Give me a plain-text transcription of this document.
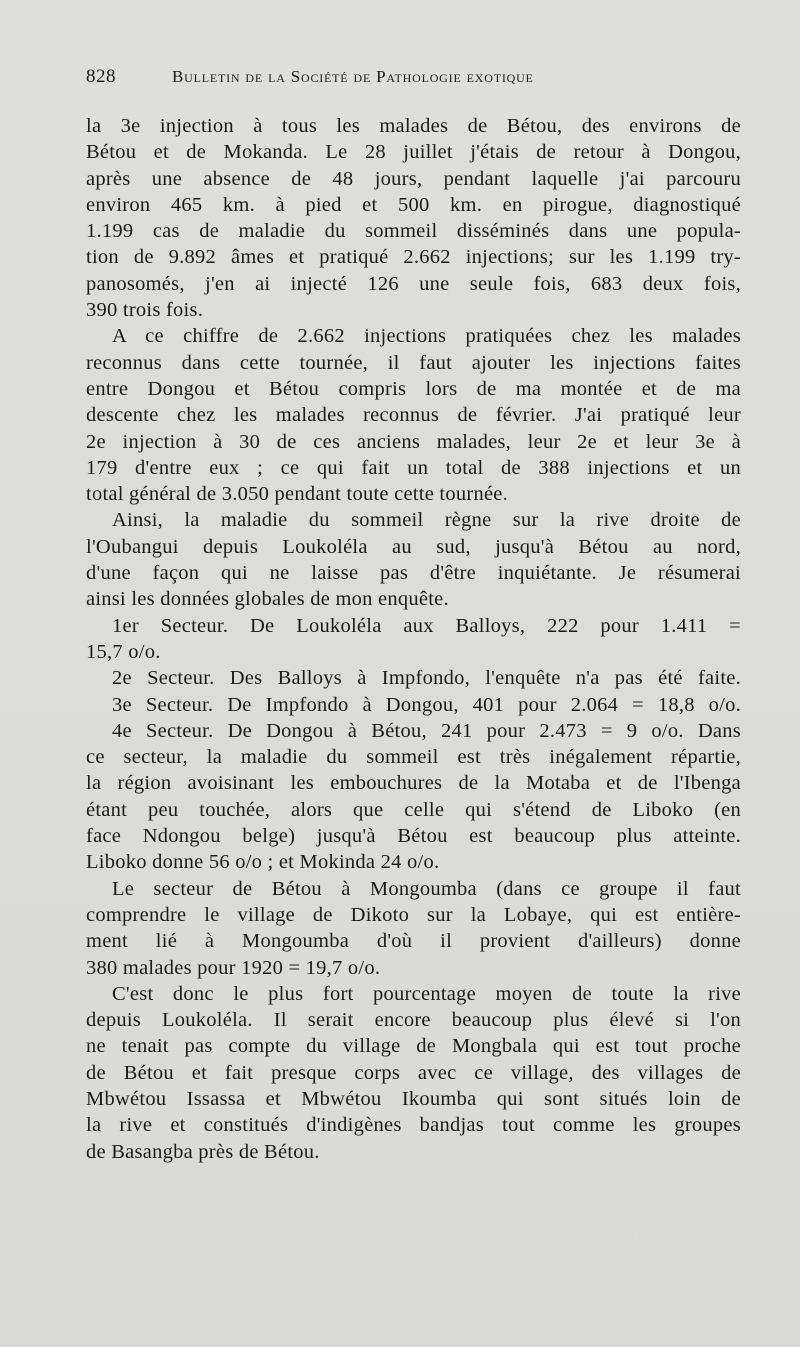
828	Bulletin de la Société de Pathologie exotique
la 3e injection à tous les malades de Bétou, des environs de
Bétou et de Mokanda. Le 28 juillet j'étais de retour à Dongou,
après une absence de 48 jours, pendant laquelle j'ai parcouru
environ 465 km. à pied et 500 km. en pirogue, diagnostiqué
1.199 cas de maladie du sommeil disséminés dans une popula-
tion de 9.892 âmes et pratiqué 2.662 injections; sur les 1.199 try-
panosomés, j'en ai injecté 126 une seule fois, 683 deux fois,
390 trois fois.
A ce chiffre de 2.662 injections pratiquées chez les malades
reconnus dans cette tournée, il faut ajouter les injections faites
entre Dongou et Bétou compris lors de ma montée et de ma
descente chez les malades reconnus de février. J'ai pratiqué leur
2e injection à 30 de ces anciens malades, leur 2e et leur 3e à
179 d'entre eux ; ce qui fait un total de 388 injections et un
total général de 3.050 pendant toute cette tournée.
Ainsi, la maladie du sommeil règne sur la rive droite de
l'Oubangui depuis Loukoléla au sud, jusqu'à Bétou au nord,
d'une façon qui ne laisse pas d'être inquiétante. Je résumerai
ainsi les données globales de mon enquête.
1er Secteur. De Loukoléla aux Balloys, 222 pour 1.411 =
15,7 o/o.
2e Secteur. Des Balloys à Impfondo, l'enquête n'a pas été faite.
3e Secteur. De Impfondo à Dongou, 401 pour 2.064 = 18,8 o/o.
4e Secteur. De Dongou à Bétou, 241 pour 2.473 = 9 o/o. Dans
ce secteur, la maladie du sommeil est très inégalement répartie,
la région avoisinant les embouchures de la Motaba et de l'Ibenga
étant peu touchée, alors que celle qui s'étend de Liboko (en
face Ndongou belge) jusqu'à Bétou est beaucoup plus atteinte.
Liboko donne 56 o/o ; et Mokinda 24 o/o.
Le secteur de Bétou à Mongoumba (dans ce groupe il faut
comprendre le village de Dikoto sur la Lobaye, qui est entière-
ment lié à Mongoumba d'où il provient d'ailleurs) donne
380 malades pour 1920 = 19,7 o/o.
C'est donc le plus fort pourcentage moyen de toute la rive
depuis Loukoléla. Il serait encore beaucoup plus élevé si l'on
ne tenait pas compte du village de Mongbala qui est tout proche
de Bétou et fait presque corps avec ce village, des villages de
Mbwétou Issassa et Mbwétou Ikoumba qui sont situés loin de
la rive et constitués d'indigènes bandjas tout comme les groupes
de Basangba près de Bétou.
